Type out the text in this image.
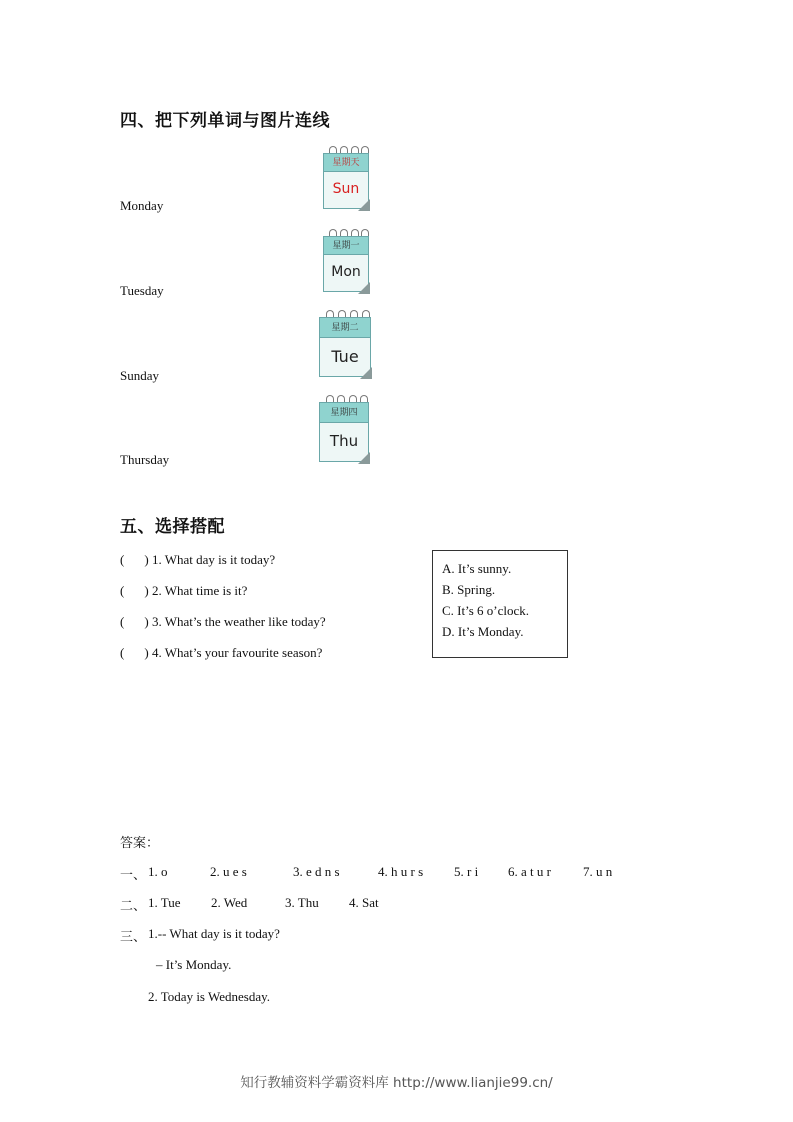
四、把下列单词与图片连线
Monday
Tuesday
Sunday
Thursday
星期天
Sun
星期一
Mon
星期二
Tue
星期四
Thu
五、选择搭配
( ) 1. What day is it today?
( ) 2. What time is it?
( ) 3. What’s the weather like today?
( ) 4. What’s your favourite season?
A. It’s sunny.
B. Spring.
C. It’s 6 o’clock.
D. It’s Monday.
答案：
一、 1. o	2. u e s	3. e d n s	4. h u r s 5. r i 6. a t u r 7. u n
二、 1. Tue 2. Wed	3. Thu 4. Sat
三、 1.-- What day is it today?
– It’s Monday.
2. Today is Wednesday.
知行教辅资料学霸资料库 http://www.lianjie99.cn/
